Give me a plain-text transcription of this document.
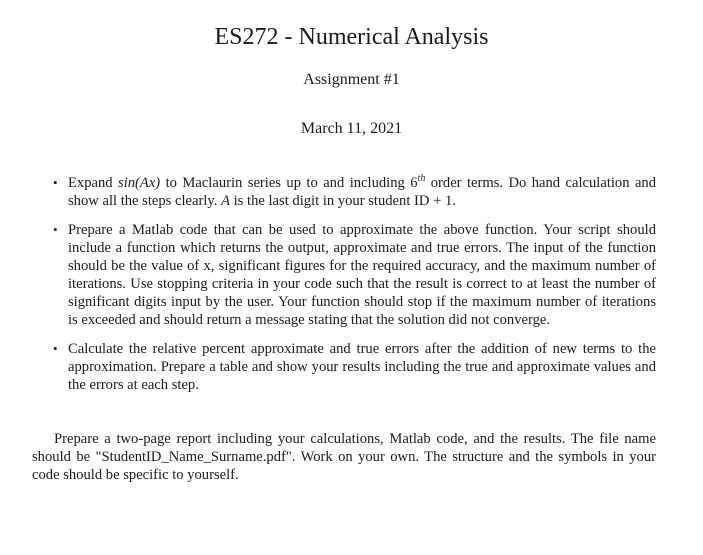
ES272 - Numerical Analysis
Assignment #1
March 11, 2021
• Expand sin(Ax) to Maclaurin series up to and including 6th order terms. Do hand calculation and show all the steps clearly. A is the last digit in your student ID + 1.
• Prepare a Matlab code that can be used to approximate the above function. Your script should include a function which returns the output, approximate and true errors. The input of the function should be the value of x, significant figures for the required accuracy, and the maximum number of iterations. Use stopping criteria in your code such that the result is correct to at least the number of significant digits input by the user. Your function should stop if the maximum number of iterations is exceeded and should return a message stating that the solution did not converge.
• Calculate the relative percent approximate and true errors after the addition of new terms to the approximation. Prepare a table and show your results including the true and approximate values and the errors at each step.

Prepare a two-page report including your calculations, Matlab code, and the results. The file name should be "StudentID_Name_Surname.pdf". Work on your own. The structure and the symbols in your code should be specific to yourself.
